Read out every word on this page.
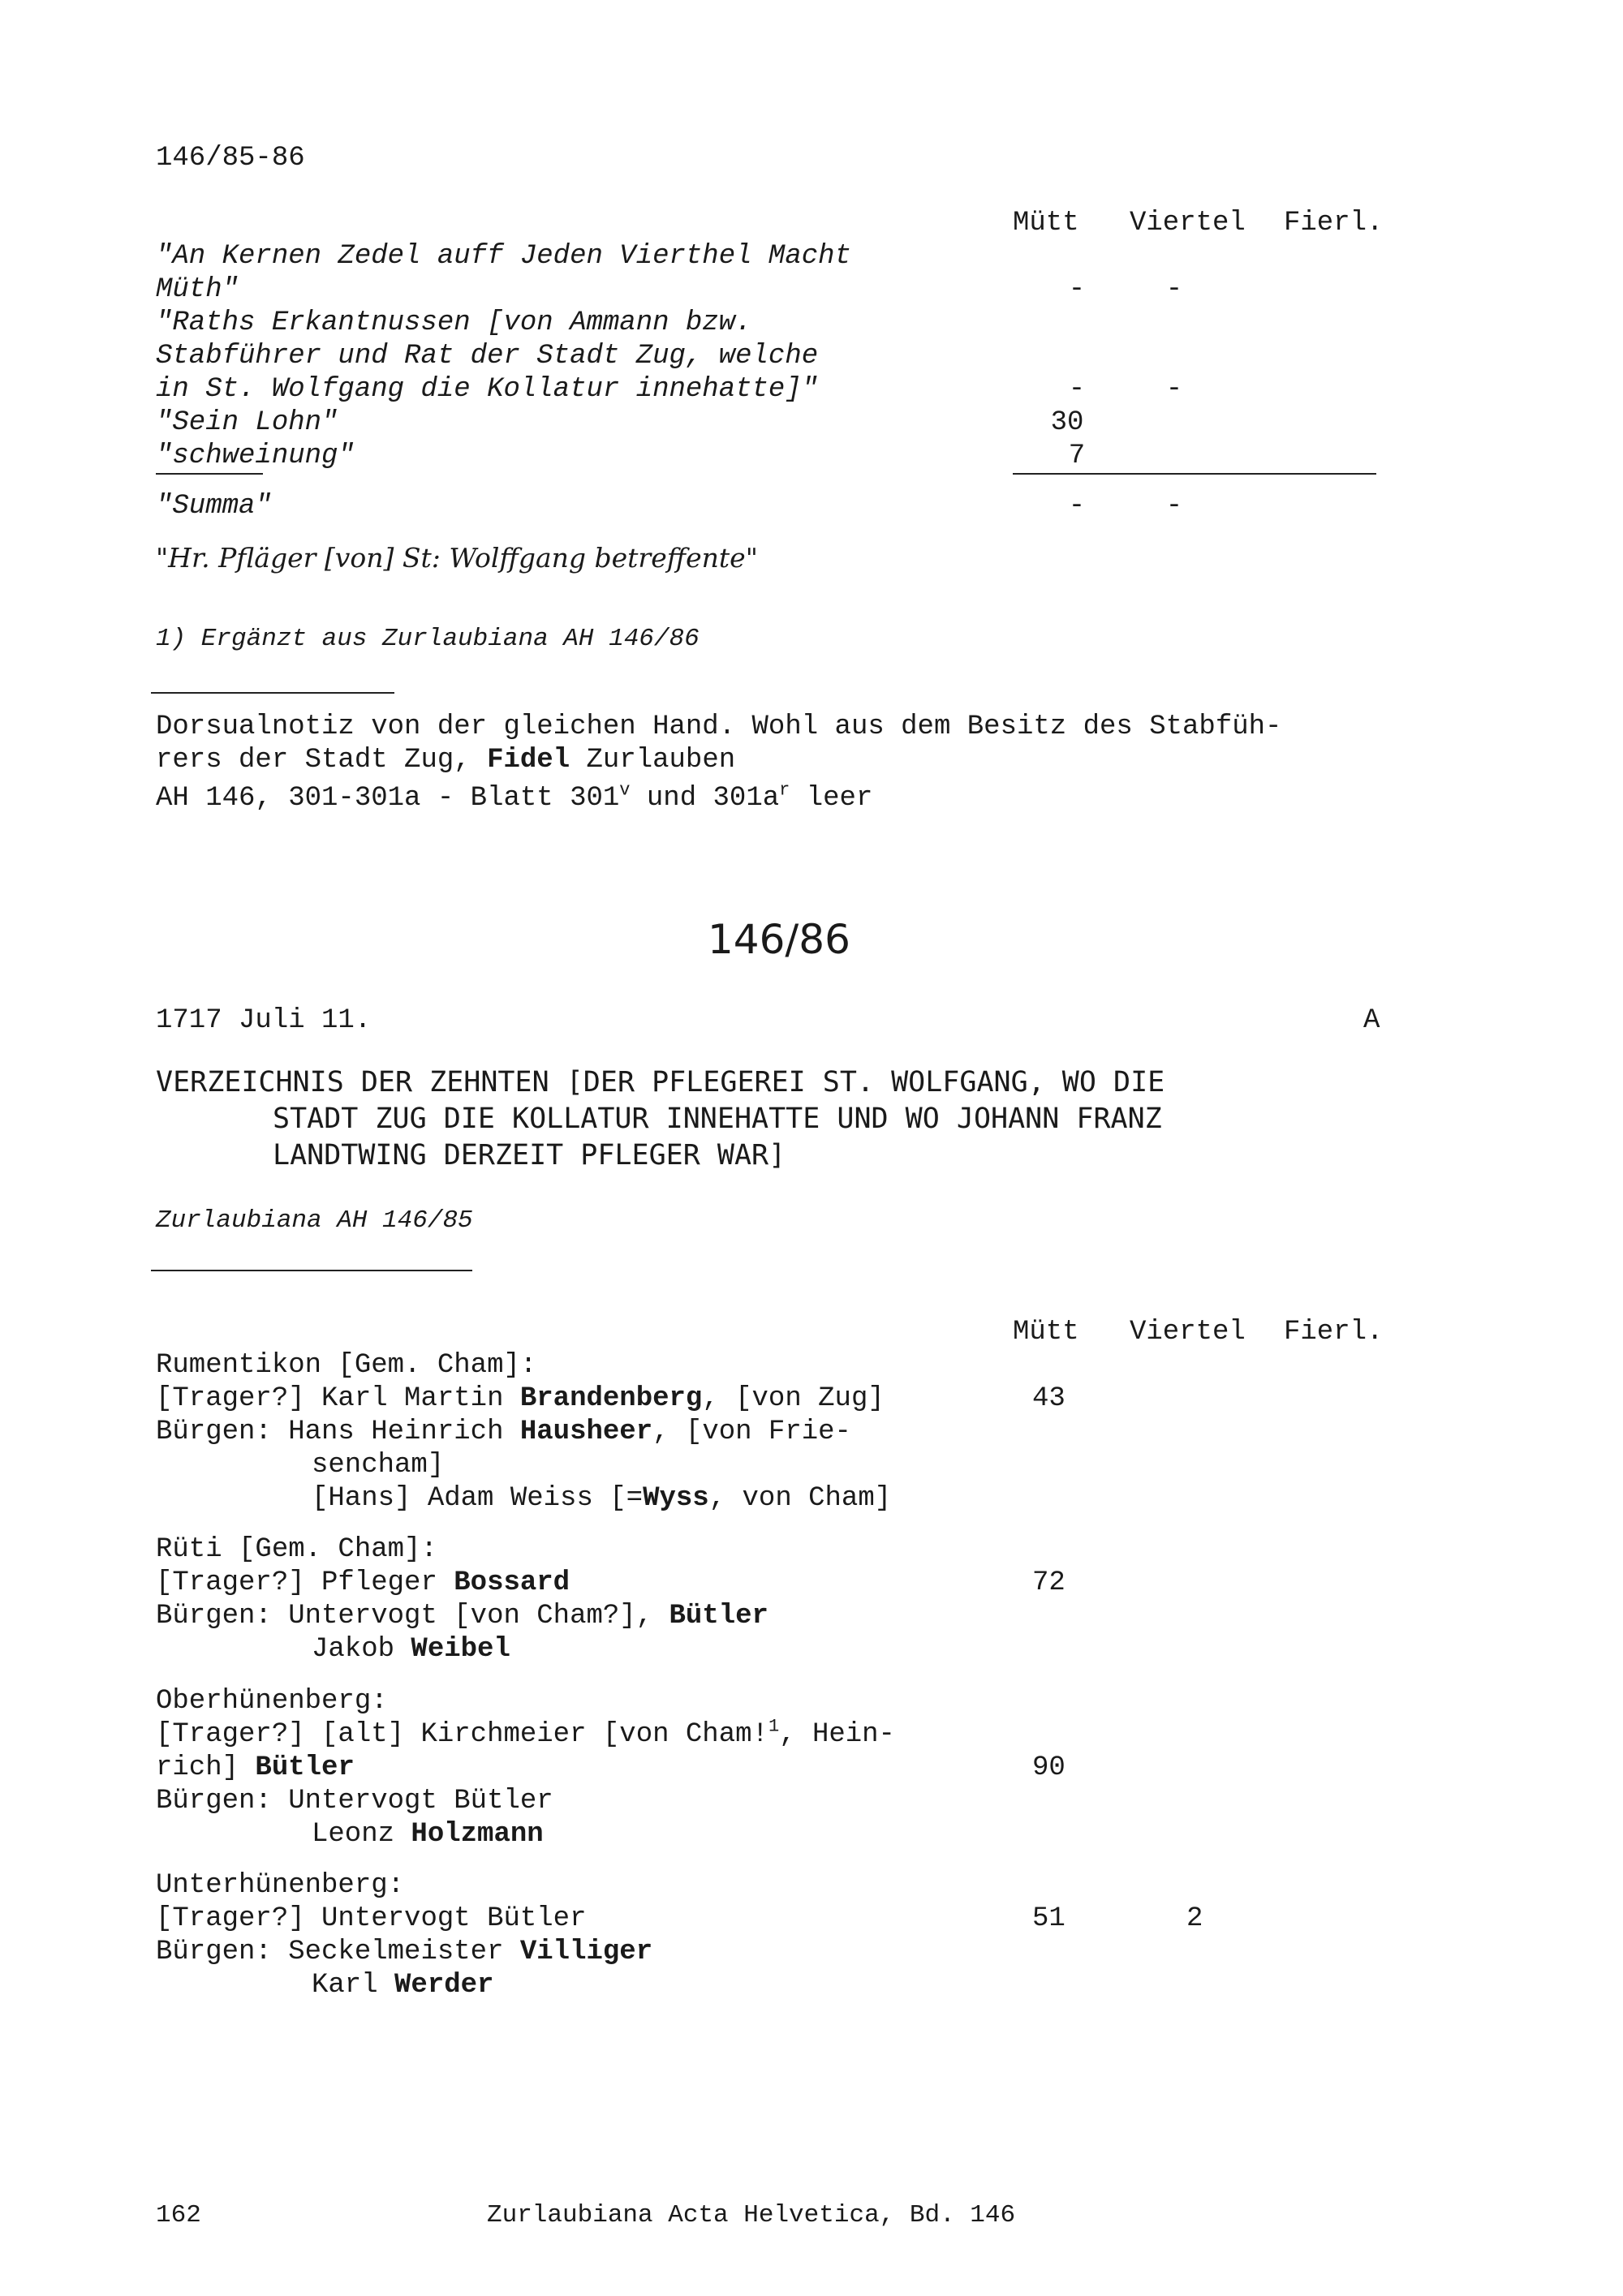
146/85-86
Mütt Viertel Fierl.
"An Kernen Zedel auff Jeden Vierthel Macht
Müth"	-	-
"Raths Erkantnussen [von Ammann bzw.
Stabführer und Rat der Stadt Zug, welche
in St. Wolfgang die Kollatur innehatte]"	-	-
"Sein Lohn"	30
"schweinung"	7
"Summa"	-	-
"Hr. Pfläger [von] St: Wolffgang betreffente"
1) Ergänzt aus Zurlaubiana AH 146/86
Dorsualnotiz von der gleichen Hand. Wohl aus dem Besitz des Stabfüh-
rers der Stadt Zug, Fidel Zurlauben
AH 146, 301-301a - Blatt 301$^v$ und $301a^r$ leer
146/86
1717 Juli 11.	A
VERZEICHNIS DER ZEHNTEN [DER PFLEGEREI ST. WOLFGANG, WO DIE
STADT ZUG DIE KOLLATUR INNEHATTE UND WO JOHANN FRANZ
LANDTWING DERZEIT PFLEGER WAR]
Zurlaubiana AH 146/85
Mütt Viertel Fierl.
Rumentikon [Gem. Cham]:
[Trager?] Karl Martin Brandenberg, [von Zug]	43
Bürgen: Hans Heinrich Hausheer, [von Frie-
sencham]
[Hans] Adam Weiss [=Wyss, von Cham]
Rüti [Gem. Cham]:
[Trager?] Pfleger Bossard	72
Bürgen: Untervogt [von Cham?], Bütler
Jakob Weibel
Oberhünenberg:
[Trager?] [alt] Kirchmeier [von Cham!$^1$, Hein-
rich] Bütler	90
Bürgen: Untervogt Bütler
Leonz Holzmann
Unterhünenberg:
[Trager?] Untervogt Bütler	51	2
Bürgen: Seckelmeister Villiger
Karl Werder
162	Zurlaubiana Acta Helvetica, Bd. 146
